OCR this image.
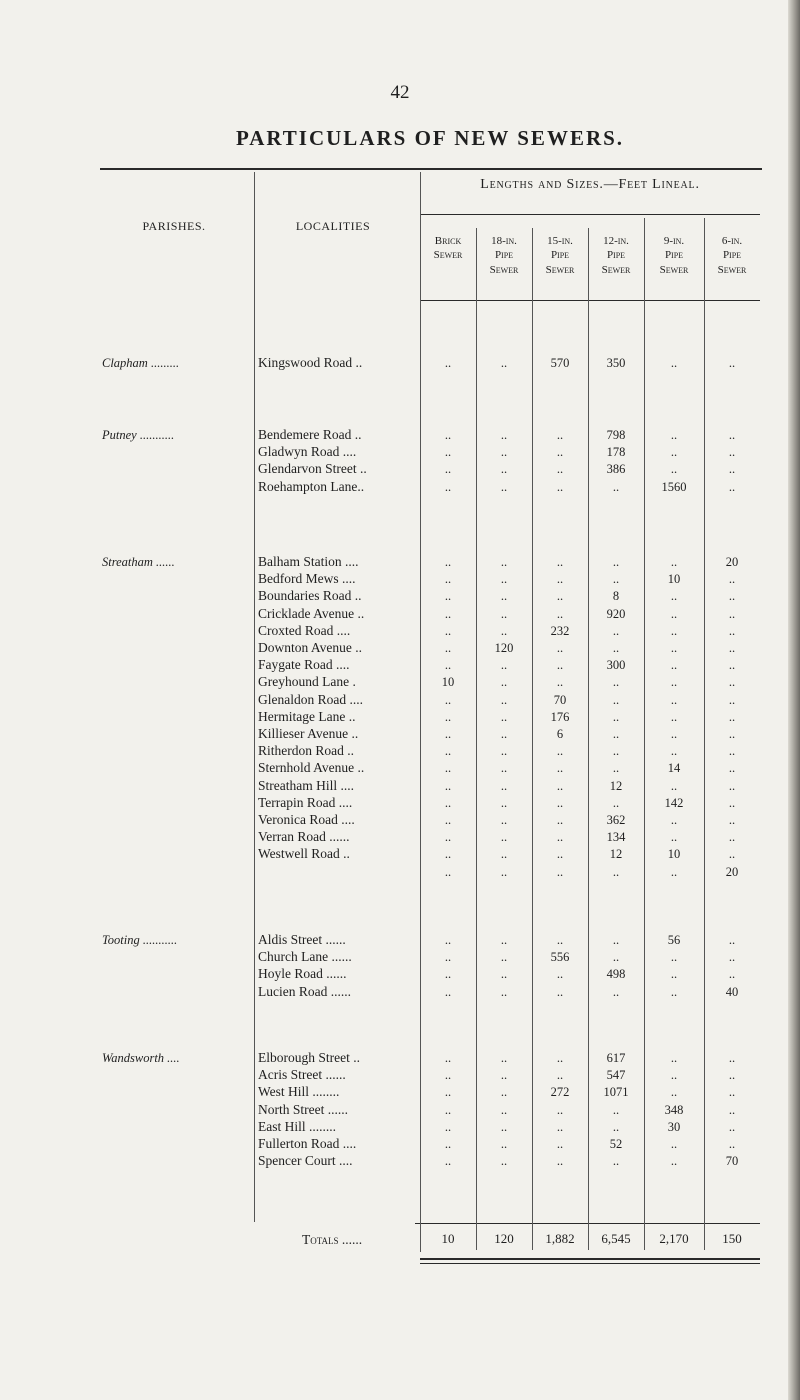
42
PARTICULARS OF NEW SEWERS.
PARISHES.	LOCALITIES
Lengths and Sizes.—Feet Lineal.
Brick
Sewer
18-in.
Pipe
Sewer
15-in.
Pipe
Sewer
12-in.
Pipe
Sewer
9-in.
Pipe
Sewer
6-in.
Pipe
Sewer
Clapham .........	Kingswood Road ..	..	..	570	350	..	..
Putney ...........	Bendemere Road ..	..	..	..	798	..	..
Gladwyn Road ....	..	..	..	178	..	..
Glendarvon Street ..	..	..	..	386	..	..
Roehampton Lane..	..	..	..	..	1560	..
Streatham ......	Balham Station ....	..	..	..	..	..	20
Bedford Mews ....	..	..	..	..	10	..
Boundaries Road ..	..	..	..	8	..	..
Cricklade Avenue ..	..	..	..	920	..	..
Croxted Road ....	..	..	232	..	..	..
Downton Avenue ..	..	120	..	..	..	..
Faygate Road ....	..	..	..	300	..	..
Greyhound Lane .	10	..	..	..	..	..
Glenaldon Road ....	..	..	70	..	..	..
Hermitage Lane ..	..	..	176	..	..	..
Killieser Avenue ..	..	..	6	..	..	..
Ritherdon Road ..	..	..	..	..	..	..
Sternhold Avenue ..	..	..	..	..	14	..
Streatham Hill ....	..	..	..	12	..	..
Terrapin Road ....	..	..	..	..	142	..
Veronica Road ....	..	..	..	362	..	..
Verran Road ......	..	..	..	134	..	..
Westwell Road ..	..	..	..	12	10	..
..	..	..	..	..	20
Tooting ...........	Aldis Street ......	..	..	..	..	56	..
Church Lane ......	..	..	556	..	..	..
Hoyle Road ......	..	..	..	498	..	..
Lucien Road ......	..	..	..	..	..	40
Wandsworth ....	Elborough Street ..	..	..	..	617	..	..
Acris Street ......	..	..	..	547	..	..
West Hill ........	..	..	272	1071	..	..
North Street ......	..	..	..	..	348	..
East Hill ........	..	..	..	..	30	..
Fullerton Road ....	..	..	..	52	..	..
Spencer Court ....	..	..	..	..	..	70
Totals ......	10	120	1,882	6,545	2,170	150
